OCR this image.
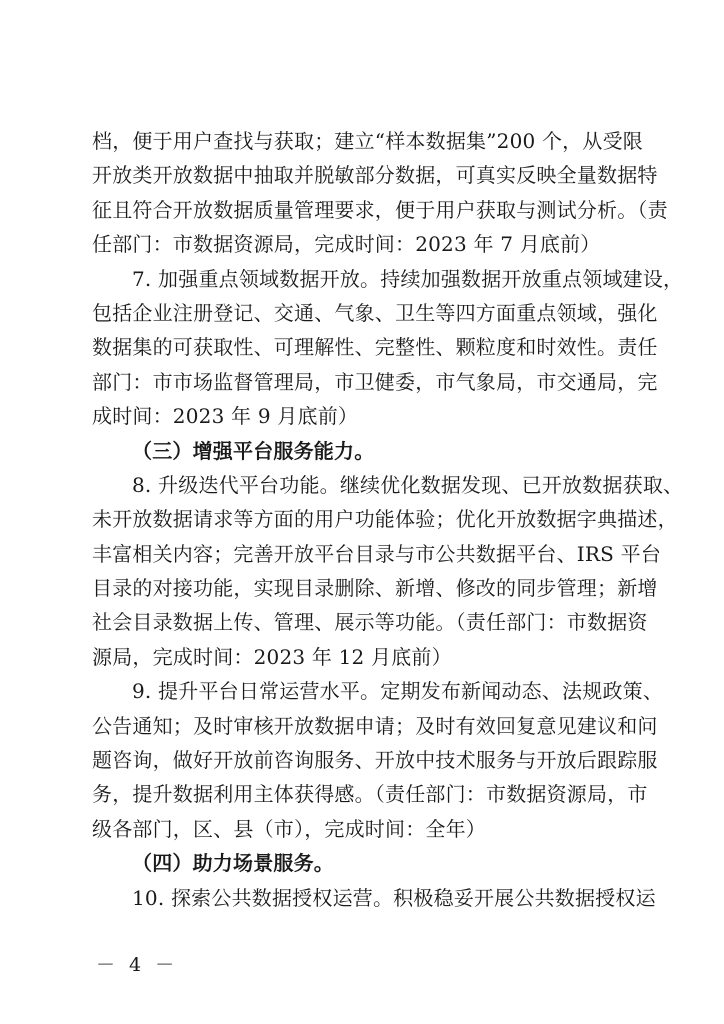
档，便于用户查找与获取；建立“样本数据集”200 个，从受限
开放类开放数据中抽取并脱敏部分数据，可真实反映全量数据特
征且符合开放数据质量管理要求，便于用户获取与测试分析。（责
任部门：市数据资源局，完成时间：2023 年 7 月底前）
7. 加强重点领域数据开放。持续加强数据开放重点领域建设，
包括企业注册登记、交通、气象、卫生等四方面重点领域，强化
数据集的可获取性、可理解性、完整性、颗粒度和时效性。责任
部门：市市场监督管理局，市卫健委，市气象局，市交通局，完
成时间：2023 年 9 月底前）
（三）增强平台服务能力。
8. 升级迭代平台功能。继续优化数据发现、已开放数据获取、
未开放数据请求等方面的用户功能体验；优化开放数据字典描述，
丰富相关内容；完善开放平台目录与市公共数据平台、IRS 平台
目录的对接功能，实现目录删除、新增、修改的同步管理；新增
社会目录数据上传、管理、展示等功能。（责任部门：市数据资
源局，完成时间：2023 年 12 月底前）
9. 提升平台日常运营水平。定期发布新闻动态、法规政策、
公告通知；及时审核开放数据申请；及时有效回复意见建议和问
题咨询，做好开放前咨询服务、开放中技术服务与开放后跟踪服
务，提升数据利用主体获得感。（责任部门：市数据资源局，市
级各部门，区、县（市），完成时间：全年）
（四）助力场景服务。
10. 探索公共数据授权运营。积极稳妥开展公共数据授权运
－ 4 －
